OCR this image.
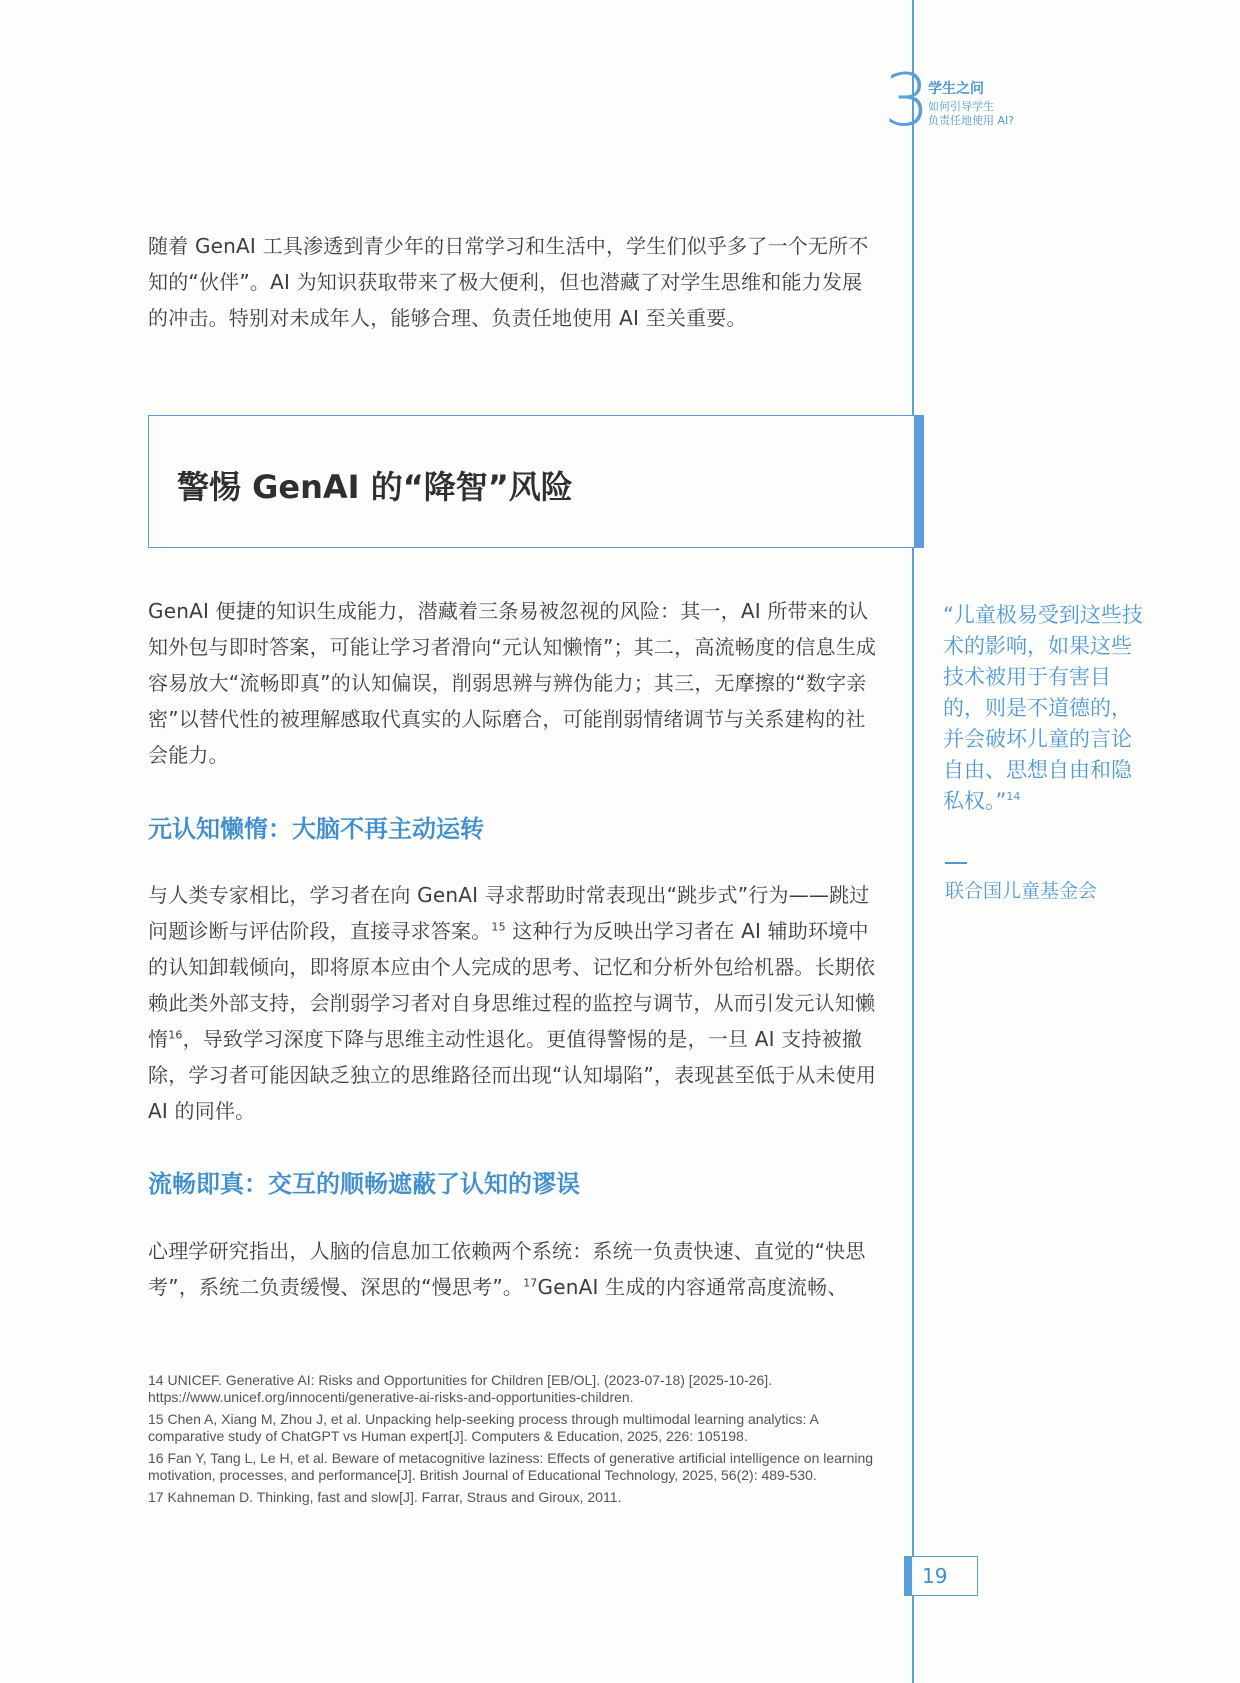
3
学生之问
如何引导学生
负责任地使用 AI?

随着 GenAI 工具渗透到青少年的日常学习和生活中，学生们似乎多了一个无所不知的“伙伴”。AI 为知识获取带来了极大便利，但也潜藏了对学生思维和能力发展的冲击。特别对未成年人，能够合理、负责任地使用 AI 至关重要。

警惕 GenAI 的“降智”风险

GenAI 便捷的知识生成能力，潜藏着三条易被忽视的风险：其一，AI 所带来的认知外包与即时答案，可能让学习者滑向“元认知懒惰”；其二，高流畅度的信息生成容易放大“流畅即真”的认知偏误，削弱思辨与辨伪能力；其三，无摩擦的“数字亲密”以替代性的被理解感取代真实的人际磨合，可能削弱情绪调节与关系建构的社会能力。

元认知懒惰：大脑不再主动运转

与人类专家相比，学习者在向 GenAI 寻求帮助时常表现出“跳步式”行为——跳过问题诊断与评估阶段，直接寻求答案。$^{15}$ 这种行为反映出学习者在 AI 辅助环境中的认知卸载倾向，即将原本应由个人完成的思考、记忆和分析外包给机器。长期依赖此类外部支持，会削弱学习者对自身思维过程的监控与调节，从而引发元认知懒惰$^{16}$，导致学习深度下降与思维主动性退化。更值得警惕的是，一旦 AI 支持被撤除，学习者可能因缺乏独立的思维路径而出现“认知塌陷”，表现甚至低于从未使用 AI 的同伴。

流畅即真：交互的顺畅遮蔽了认知的谬误

心理学研究指出，人脑的信息加工依赖两个系统：系统一负责快速、直觉的“快思考”，系统二负责缓慢、深思的“慢思考”。$^{17}$GenAI 生成的内容通常高度流畅、

“儿童极易受到这些技术的影响，如果这些技术被用于有害目的，则是不道德的，并会破坏儿童的言论自由、思想自由和隐私权。”$^{14}$
联合国儿童基金会
14 UNICEF. Generative AI: Risks and Opportunities for Children [EB/OL]. (2023-07-18) [2025-10-26]. https://www.unicef.org/innocenti/generative-ai-risks-and-opportunities-children.
15 Chen A, Xiang M, Zhou J, et al. Unpacking help-seeking process through multimodal learning analytics: A comparative study of ChatGPT vs Human expert[J]. Computers & Education, 2025, 226: 105198.
16 Fan Y, Tang L, Le H, et al. Beware of metacognitive laziness: Effects of generative artificial intelligence on learning motivation, processes, and performance[J]. British Journal of Educational Technology, 2025, 56(2): 489-530.
17 Kahneman D. Thinking, fast and slow[J]. Farrar, Straus and Giroux, 2011.
19
